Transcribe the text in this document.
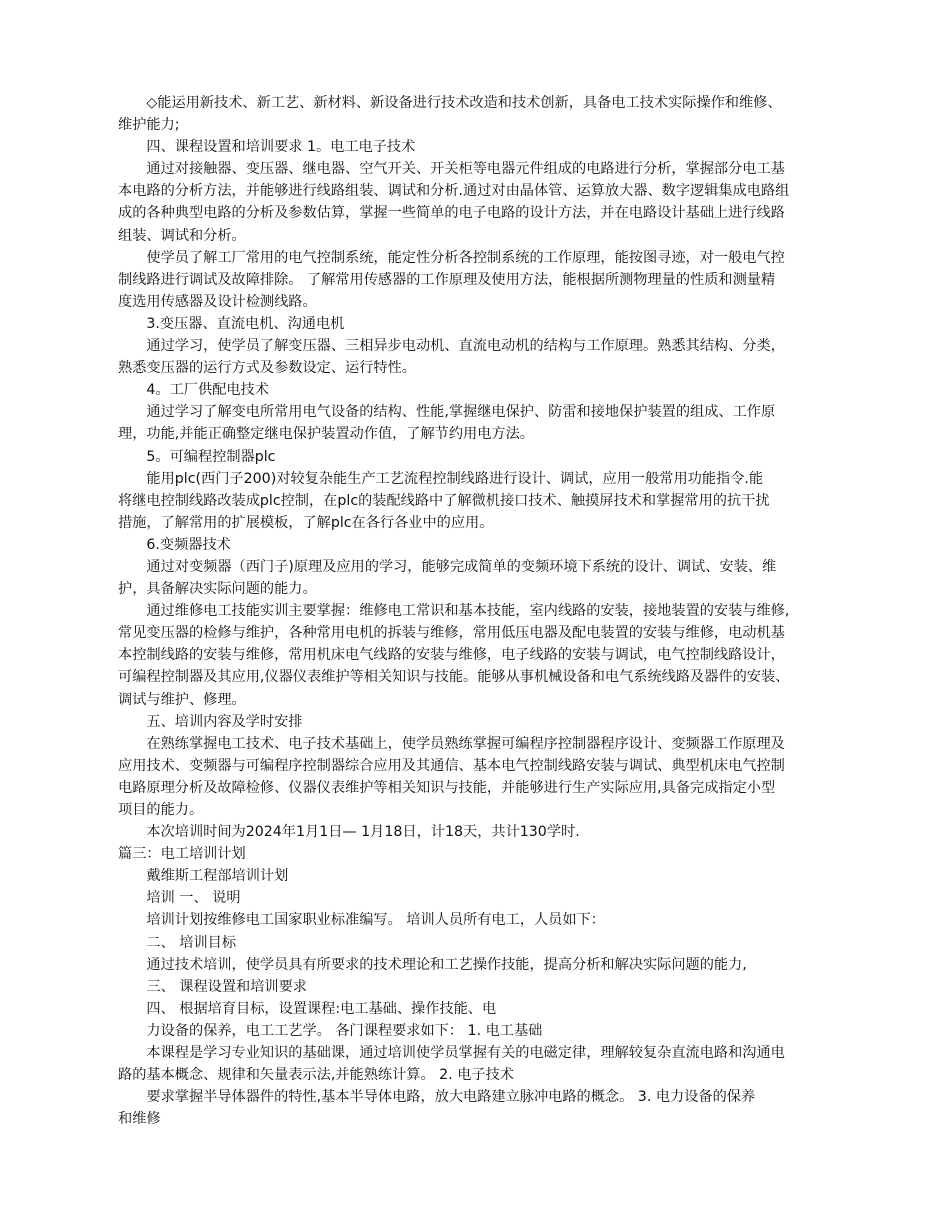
◇能运用新技术、新工艺、新材料、新设备进行技术改造和技术创新，具备电工技术实际操作和维修、

维护能力;

四、课程设置和培训要求 1。电工电子技术

通过对接触器、变压器、继电器、空气开关、开关柜等电器元件组成的电路进行分析，掌握部分电工基

本电路的分析方法，并能够进行线路组装、调试和分析.通过对由晶体管、运算放大器、数字逻辑集成电路组

成的各种典型电路的分析及参数估算，掌握一些简单的电子电路的设计方法，并在电路设计基础上进行线路

组装、调试和分析。

使学员了解工厂常用的电气控制系统，能定性分析各控制系统的工作原理，能按图寻迹，对一般电气控

制线路进行调试及故障排除。 了解常用传感器的工作原理及使用方法，能根据所测物理量的性质和测量精

度选用传感器及设计检测线路。

3.变压器、直流电机、沟通电机

通过学习，使学员了解变压器、三相异步电动机、直流电动机的结构与工作原理。熟悉其结构、分类，

熟悉变压器的运行方式及参数设定、运行特性。

4。工厂供配电技术

通过学习了解变电所常用电气设备的结构、性能,掌握继电保护、防雷和接地保护装置的组成、工作原

理，功能,并能正确整定继电保护装置动作值，了解节约用电方法。

5。可编程控制器plc

能用plc(西门子200)对较复杂能生产工艺流程控制线路进行设计、调试，应用一般常用功能指令.能

将继电控制线路改装成plc控制，在plc的装配线路中了解微机接口技术、触摸屏技术和掌握常用的抗干扰

措施，了解常用的扩展模板，了解plc在各行各业中的应用。

6.变频器技术

通过对变频器（西门子)原理及应用的学习，能够完成简单的变频环境下系统的设计、调试、安装、维

护，具备解决实际问题的能力。

通过维修电工技能实训主要掌握：维修电工常识和基本技能，室内线路的安装，接地装置的安装与维修,

常见变压器的检修与维护，各种常用电机的拆装与维修，常用低压电器及配电装置的安装与维修，电动机基

本控制线路的安装与维修，常用机床电气线路的安装与维修，电子线路的安装与调试，电气控制线路设计，

可编程控制器及其应用,仪器仪表维护等相关知识与技能。能够从事机械设备和电气系统线路及器件的安装、

调试与维护、修理。

五、培训内容及学时安排

在熟练掌握电工技术、电子技术基础上，使学员熟练掌握可编程序控制器程序设计、变频器工作原理及

应用技术、变频器与可编程序控制器综合应用及其通信、基本电气控制线路安装与调试、典型机床电气控制

电路原理分析及故障检修、仪器仪表维护等相关知识与技能，并能够进行生产实际应用,具备完成指定小型

项目的能力。

本次培训时间为2024年1月1日— 1月18日，计18天，共计130学时.

篇三：电工培训计划

戴维斯工程部培训计划

培训 一、 说明

培训计划按维修电工国家职业标准编写。 培训人员所有电工，人员如下：

二、 培训目标

通过技术培训，使学员具有所要求的技术理论和工艺操作技能，提高分析和解决实际问题的能力,

三、 课程设置和培训要求

四、 根据培育目标，设置课程:电工基础、操作技能、电

力设备的保养，电工工艺学。 各门课程要求如下： 1. 电工基础

本课程是学习专业知识的基础课，通过培训使学员掌握有关的电磁定律，理解较复杂直流电路和沟通电

路的基本概念、规律和矢量表示法,并能熟练计算。 2. 电子技术

要求掌握半导体器件的特性,基本半导体电路，放大电路建立脉冲电路的概念。 3. 电力设备的保养

和维修
